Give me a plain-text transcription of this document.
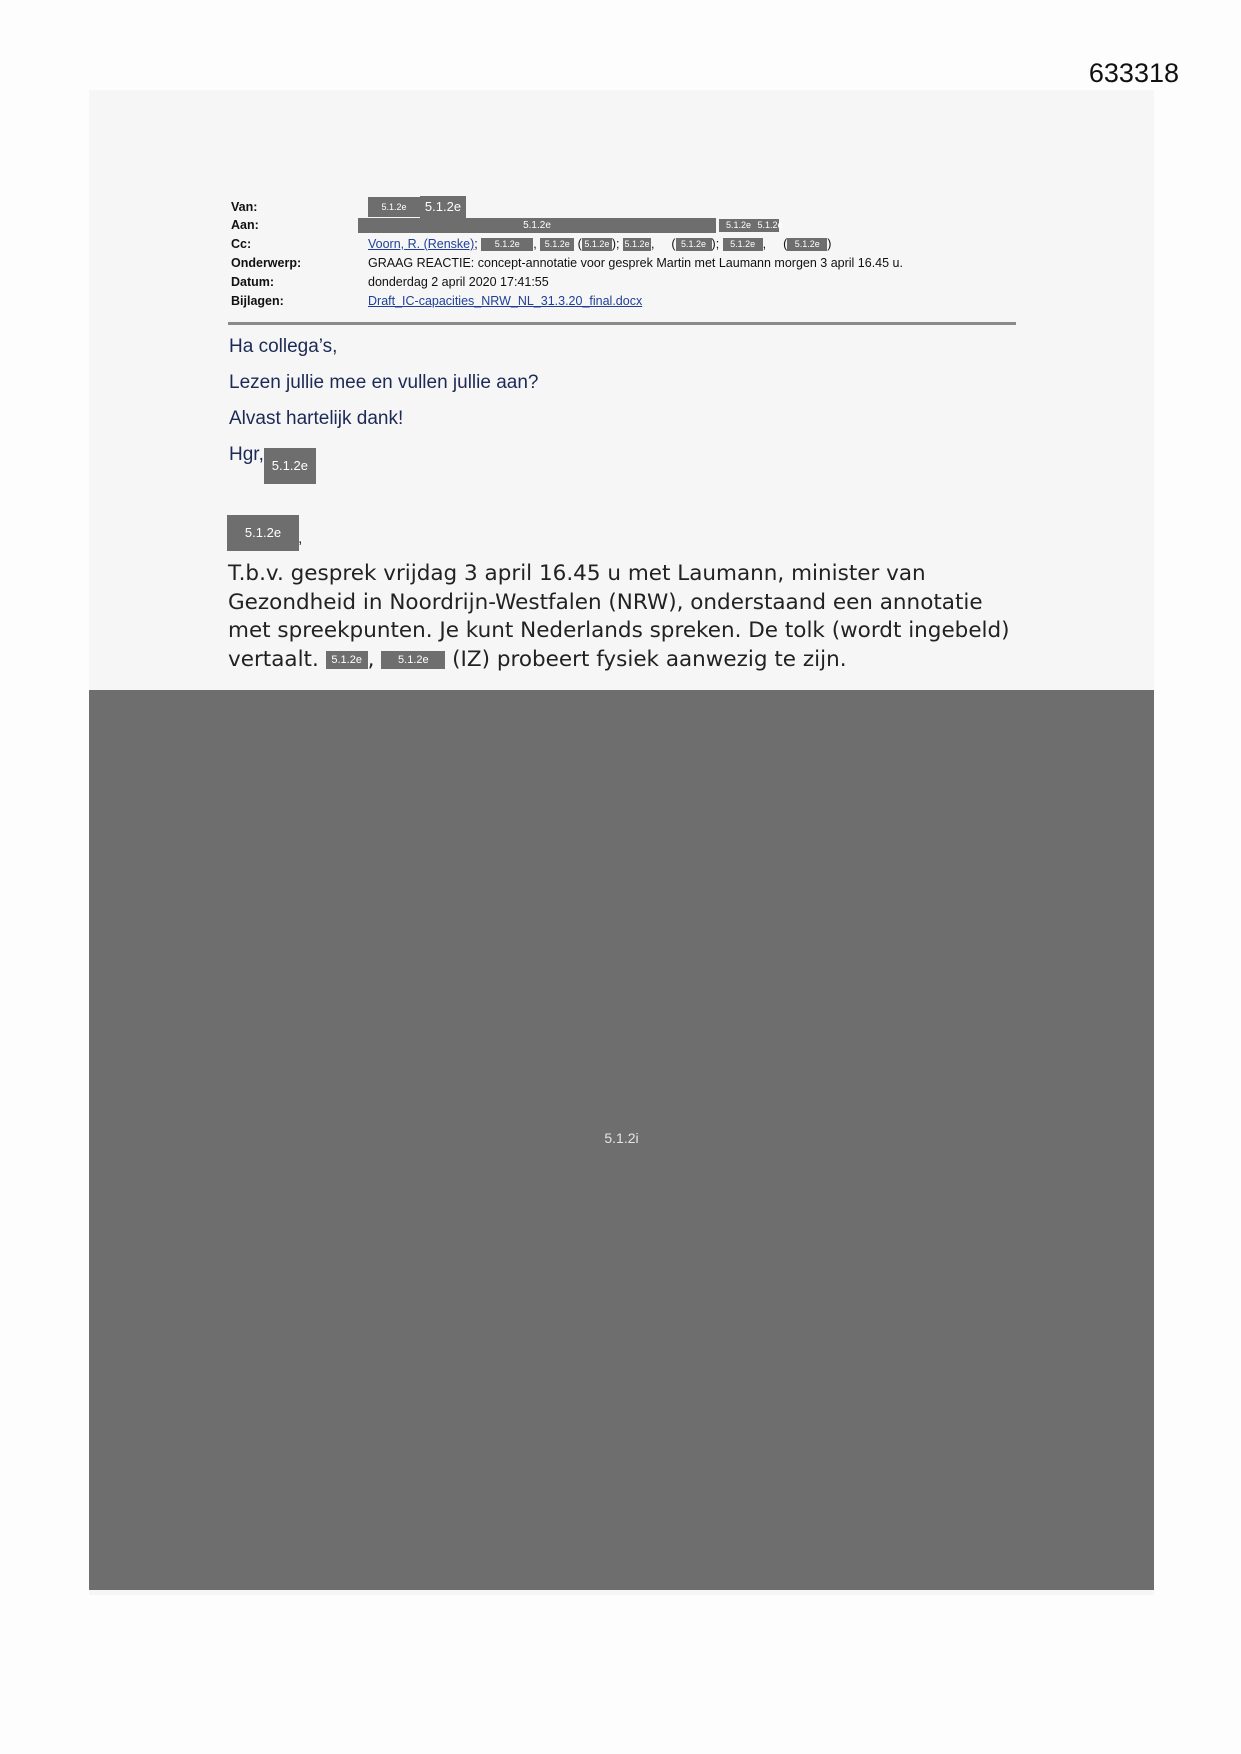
633318
Van:	5.1.2e 5.1.2e
Aan:	5.1.2e	5.1.2e 5.1.2e
Cc:	Voorn, R. (Renske); 5.1.2e , 5.1.2e ( 5.1.2e ); 5.1.2e,  ( 5.1.2e ); 5.1.2e ,  ( 5.1.2e )
Onderwerp:	GRAAG REACTIE: concept-annotatie voor gesprek Martin met Laumann morgen 3 april 16.45 u.
Datum:	donderdag 2 april 2020 17:41:55
Bijlagen:	Draft_IC-capacities_NRW_NL_31.3.20_final.docx
Ha collega’s,
Lezen jullie mee en vullen jullie aan?
Alvast hartelijk dank!
Hgr,5.1.2e
5.1.2e	,
T.b.v. gesprek vrijdag 3 april 16.45 u met Laumann, minister van Gezondheid in Noordrijn-Westfalen (NRW), onderstaand een annotatie met spreekpunten. Je kunt Nederlands spreken. De tolk (wordt ingebeld) vertaalt. 5.1.2e , 5.1.2e (IZ) probeert fysiek aanwezig te zijn.
5.1.2i
